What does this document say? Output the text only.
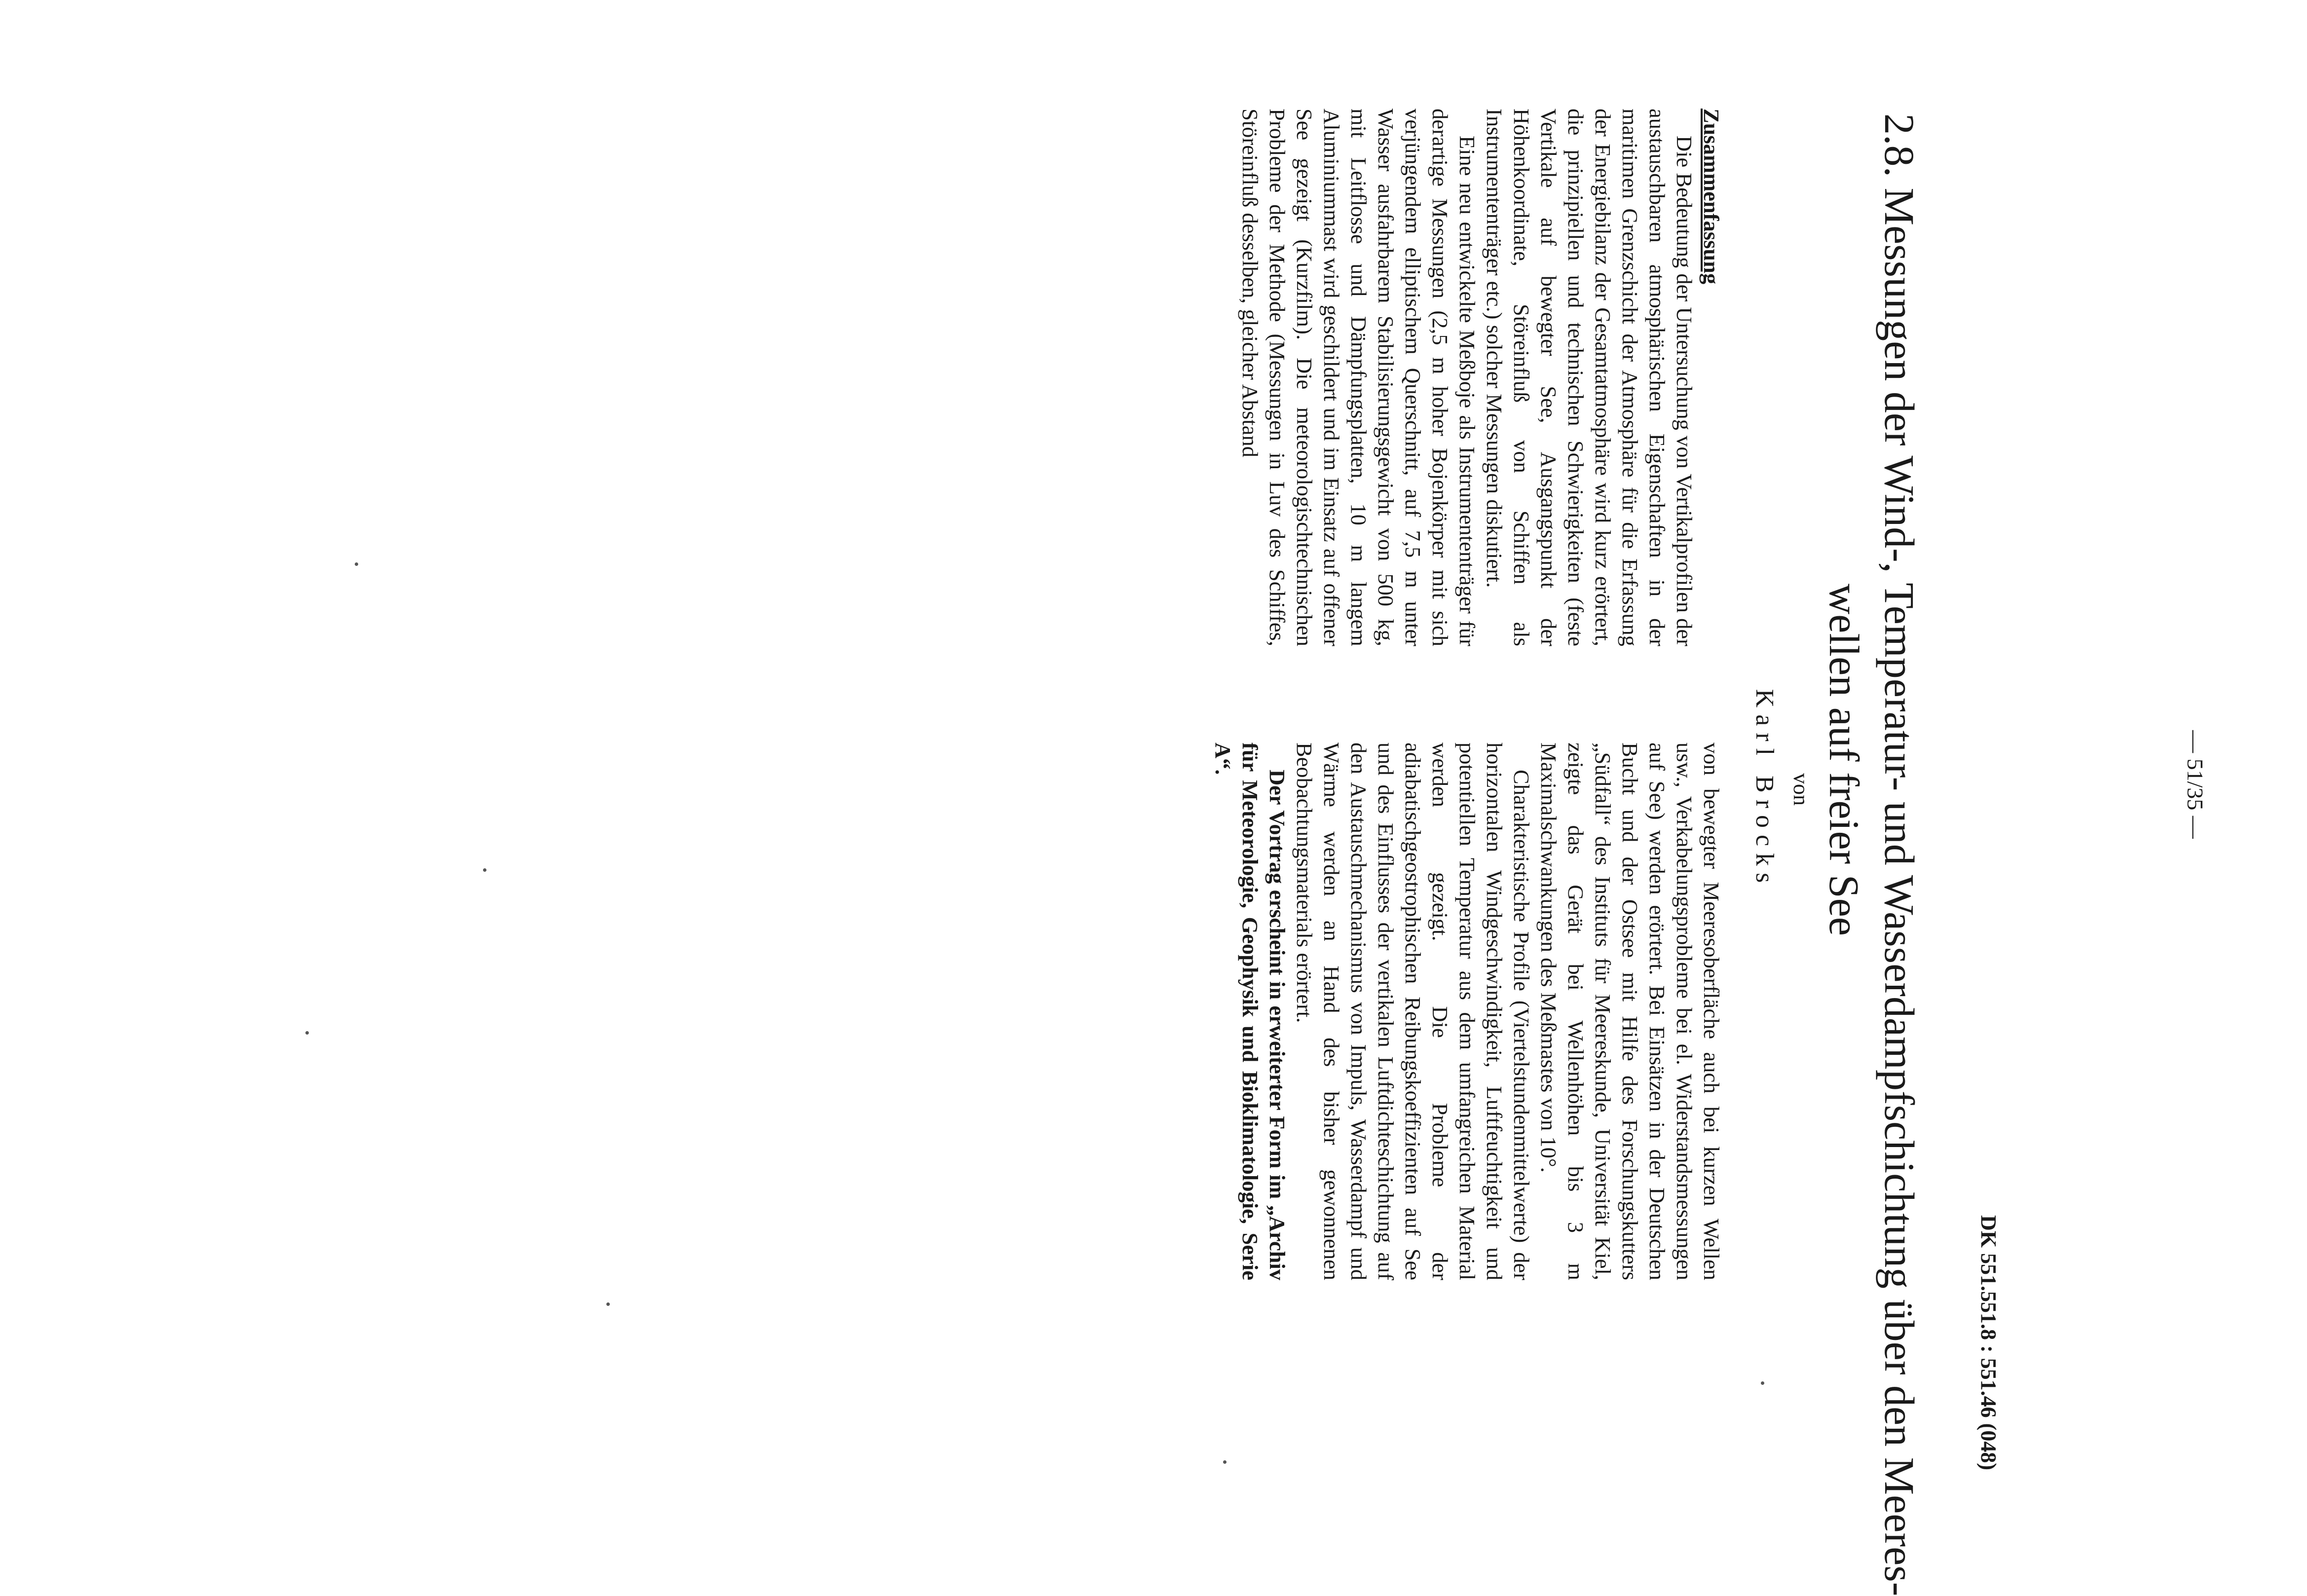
DK 551.551.8 : 551.46 (048)
— 51/35 —
2.8. Messungen der Wind-, Temperatur- und Wasserdampfschichtung über den Meeres-
wellen auf freier See
von
Karl Brocks

Zusammenfassung

Die Bedeutung der Untersuchung von Vertikalprofilen der austauschbaren atmosphärischen Eigenschaften in der maritimen Grenzschicht der Atmosphäre für die Erfassung der Energiebilanz der Gesamtatmosphäre wird kurz erörtert, die prinzipiellen und technischen Schwierigkeiten (feste Vertikale auf bewegter See, Ausgangspunkt der Höhenkoordinate, Störeinfluß von Schiffen als Instrumententräger etc.) solcher Messungen diskutiert.

Eine neu entwickelte Meßboje als Instrumententräger für derartige Messungen (2,5 m hoher Bojenkörper mit sich verjüngendem elliptischem Querschnitt, auf 7,5 m unter Wasser ausfahrbarem Stabilisierungsgewicht von 500 kg, mit Leitflosse und Dämpfungsplatten, 10 m langem Aluminiummast wird geschildert und im Einsatz auf offener See gezeigt (Kurzfilm). Die meteorologischtechnischen Probleme der Methode (Messungen in Luv des Schiffes, Störeinfluß desselben, gleicher Abstand

von bewegter Meeresoberfläche auch bei kurzen Wellen usw., Verkabelungsprobleme bei el. Widerstandsmessungen auf See) werden erörtert. Bei Einsätzen in der Deutschen Bucht und der Ostsee mit Hilfe des Forschungskutters „Südfall“ des Instituts für Meereskunde, Universität Kiel, zeigte das Gerät bei Wellenhöhen bis 3 m Maximalschwankungen des Meßmastes von 10°.

Charakteristische Profile (Viertelstundenmittelwerte) der horizontalen Windgeschwindigkeit, Luftfeuchtigkeit und potentiellen Temperatur aus dem umfangreichen Material werden gezeigt. Die Probleme der adiabatischgeostrophischen Reibungskoeffizienten auf See und des Einflusses der vertikalen Luftdichteschichtung auf den Austauschmechanismus von Impuls, Wasserdampf und Wärme werden an Hand des bisher gewonnenen Beobachtungsmaterials erörtert.

Der Vortrag erscheint in erweiterter Form im „Archiv für Meteorologie, Geophysik und Bioklimatologie, Serie A“.
